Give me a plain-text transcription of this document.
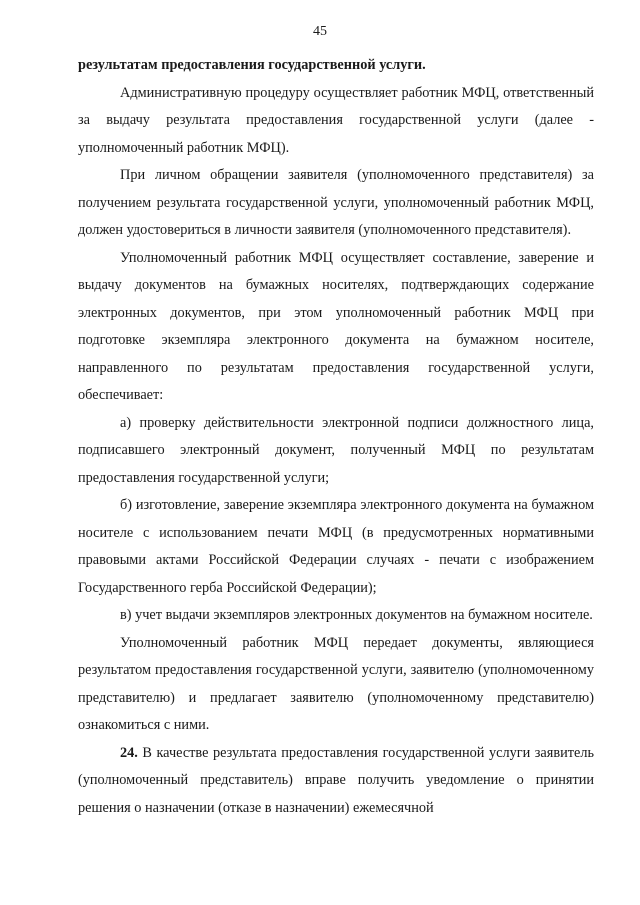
45

результатам предоставления государственной услуги.

Административную процедуру осуществляет работник МФЦ, ответственный за выдачу результата предоставления государственной услуги (далее - уполномоченный работник МФЦ).

При личном обращении заявителя (уполномоченного представителя) за получением результата государственной услуги, уполномоченный работник МФЦ, должен удостовериться в личности заявителя (уполномоченного представителя).

Уполномоченный работник МФЦ осуществляет составление, заверение и выдачу документов на бумажных носителях, подтверждающих содержание электронных документов, при этом уполномоченный работник МФЦ при подготовке экземпляра электронного документа на бумажном носителе, направленного по результатам предоставления государственной услуги, обеспечивает:

а) проверку действительности электронной подписи должностного лица, подписавшего электронный документ, полученный МФЦ по результатам предоставления государственной услуги;

б) изготовление, заверение экземпляра электронного документа на бумажном носителе с использованием печати МФЦ (в предусмотренных нормативными правовыми актами Российской Федерации случаях - печати с изображением Государственного герба Российской Федерации);

в) учет выдачи экземпляров электронных документов на бумажном носителе.

Уполномоченный работник МФЦ передает документы, являющиеся результатом предоставления государственной услуги, заявителю (уполномоченному представителю) и предлагает заявителю (уполномоченному представителю) ознакомиться с ними.

24. В качестве результата предоставления государственной услуги заявитель (уполномоченный представитель) вправе получить уведомление о принятии решения о назначении (отказе в назначении) ежемесячной
